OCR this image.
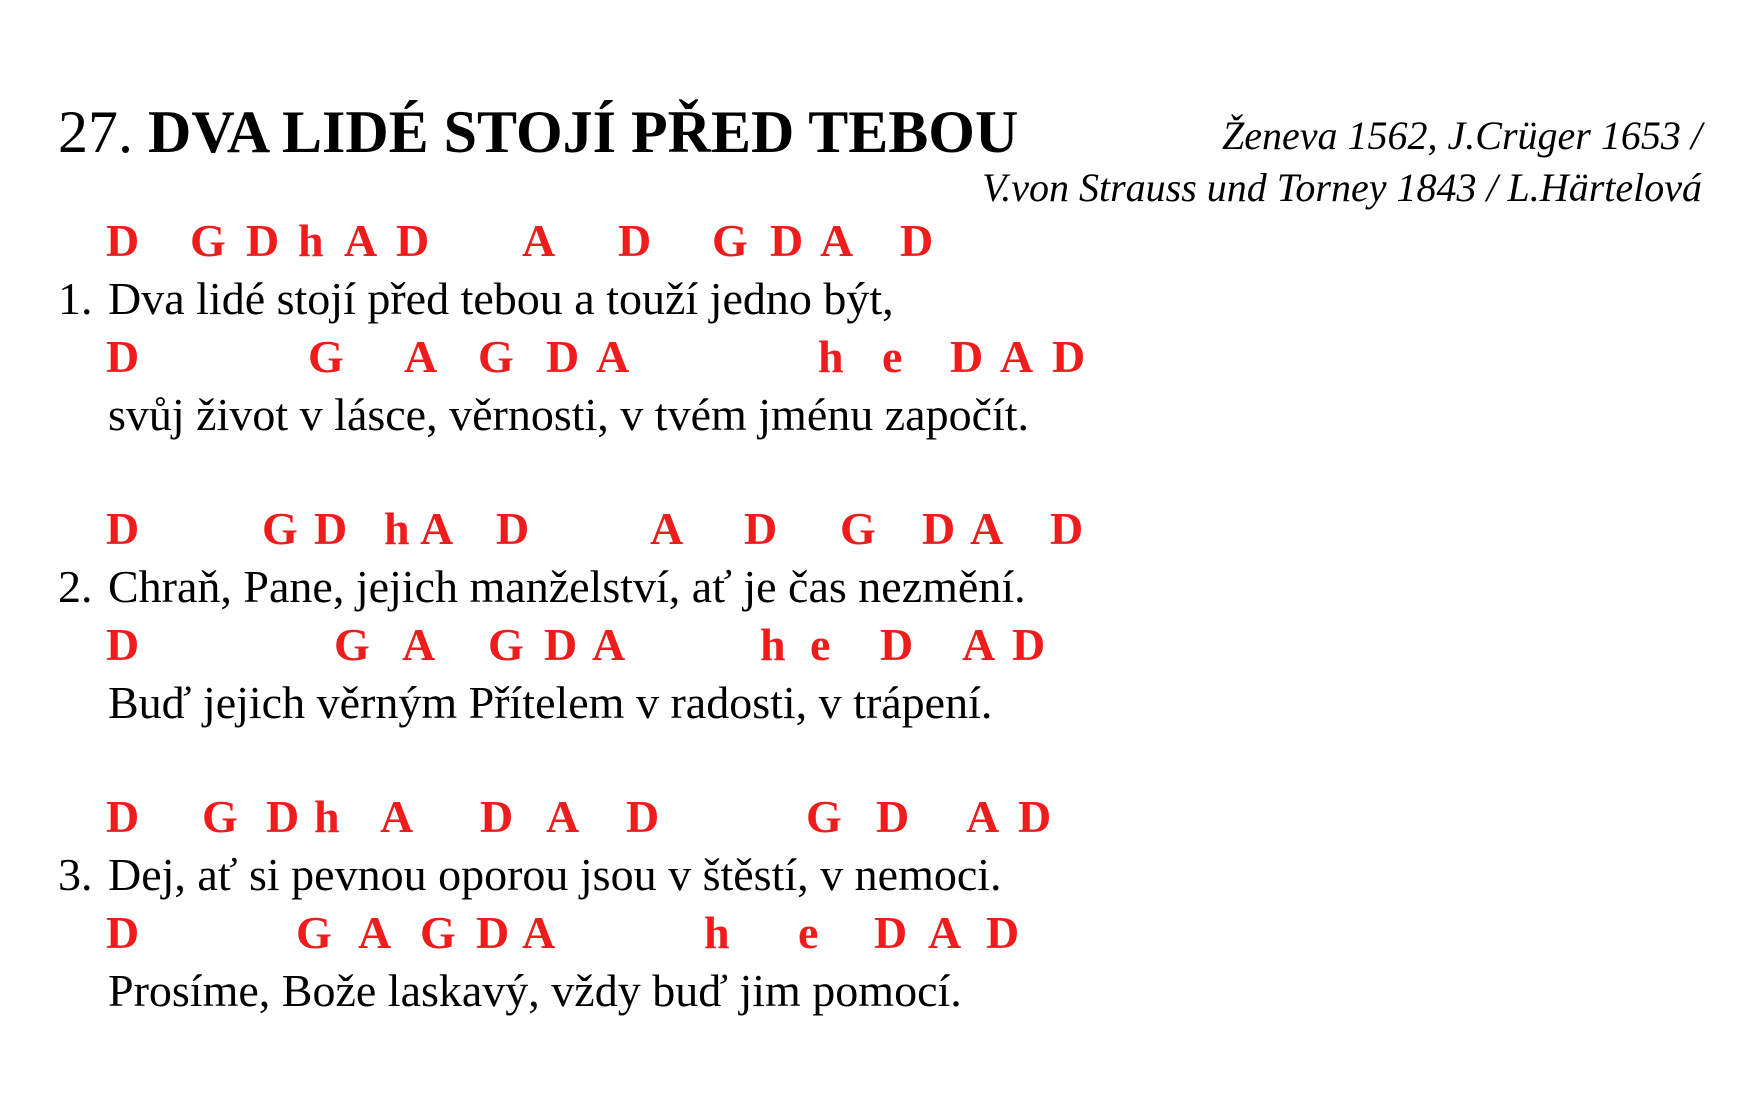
27. DVA LIDÉ STOJÍ PŘED TEBOU	Ženeva 1562, J.Crüger 1653 /
V.von Strauss und Torney 1843 / L.Härtelová
D G D h A D A D G D A D
1. Dva lidé stojí před tebou a touží jedno být,
D	G A G D A	h e D A D
svůj život v lásce, věrnosti, v tvém jménu započít.
D	G D h A D	A D G D A D
2. Chraň, Pane, jejich manželství, ať je čas nezmění.
D	G A G D A	h e D A D
Buď jejich věrným Přítelem v radosti, v trápení.
D G D h A D A D	G D A D
3. Dej, ať si pevnou oporou jsou v štěstí, v nemoci.
D	G A G D A	h e D A D
Prosíme, Bože laskavý, vždy buď jim pomocí.
